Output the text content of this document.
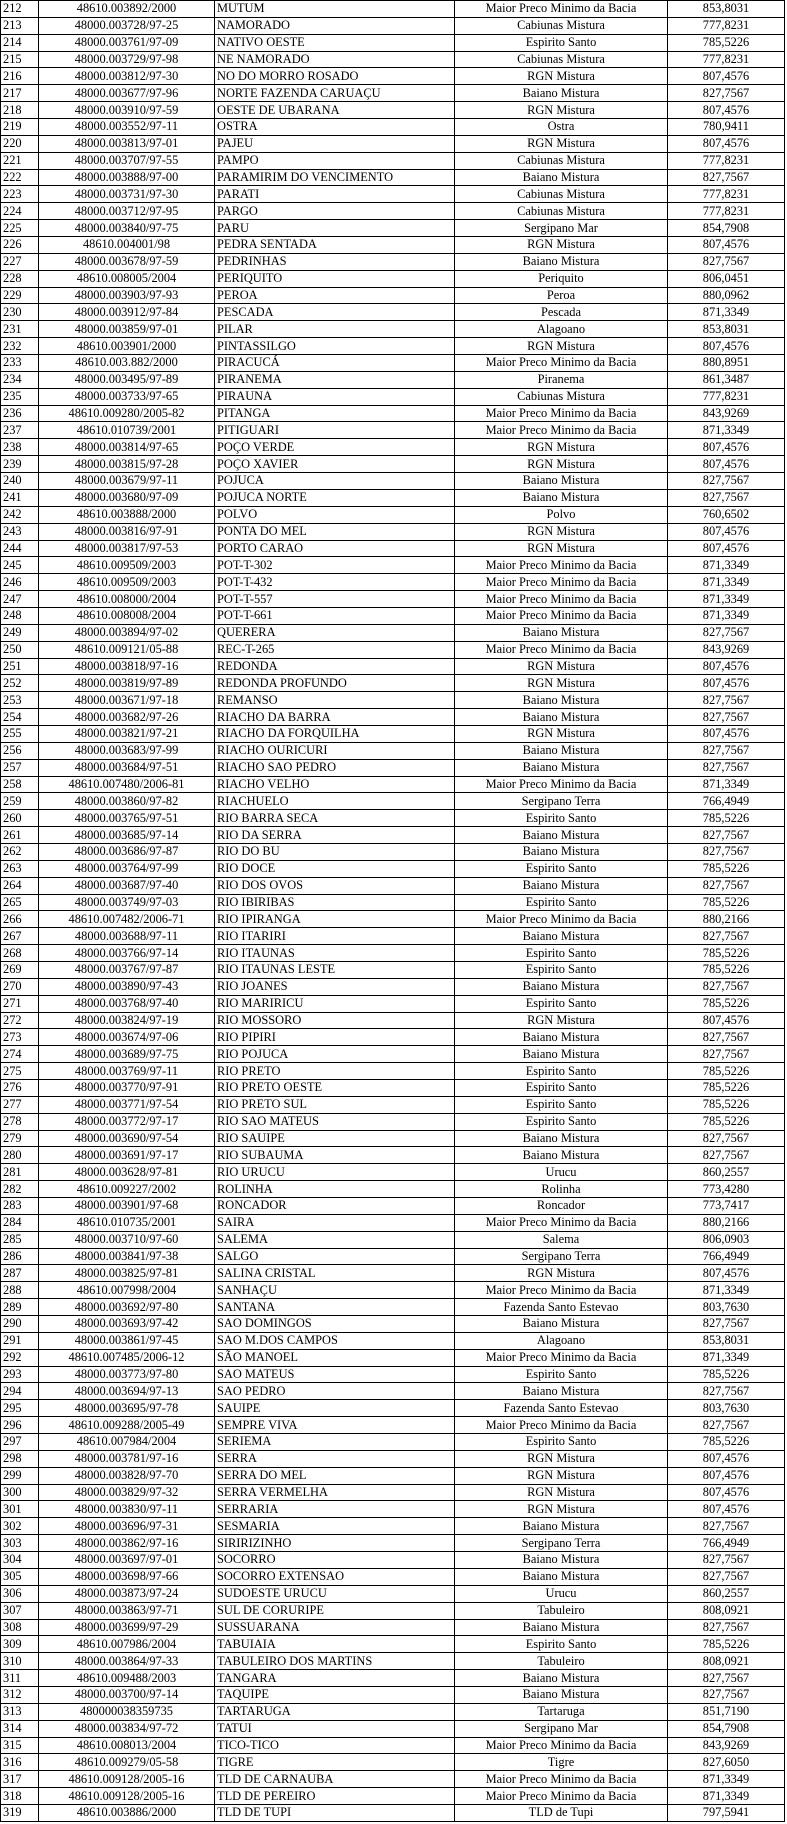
212	48610.003892/2000	MUTUM	Maior Preco Minimo da Bacia	853,8031
213	48000.003728/97-25	NAMORADO	Cabiunas Mistura	777,8231
214	48000.003761/97-09	NATIVO OESTE	Espirito Santo	785,5226
215	48000.003729/97-98	NE NAMORADO	Cabiunas Mistura	777,8231
216	48000.003812/97-30	NO DO MORRO ROSADO	RGN Mistura	807,4576
217	48000.003677/97-96	NORTE FAZENDA CARUAÇU	Baiano Mistura	827,7567
218	48000.003910/97-59	OESTE DE UBARANA	RGN Mistura	807,4576
219	48000.003552/97-11	OSTRA	Ostra	780,9411
220	48000.003813/97-01	PAJEU	RGN Mistura	807,4576
221	48000.003707/97-55	PAMPO	Cabiunas Mistura	777,8231
222	48000.003888/97-00	PARAMIRIM DO VENCIMENTO	Baiano Mistura	827,7567
223	48000.003731/97-30	PARATI	Cabiunas Mistura	777,8231
224	48000.003712/97-95	PARGO	Cabiunas Mistura	777,8231
225	48000.003840/97-75	PARU	Sergipano Mar	854,7908
226	48610.004001/98	PEDRA SENTADA	RGN Mistura	807,4576
227	48000.003678/97-59	PEDRINHAS	Baiano Mistura	827,7567
228	48610.008005/2004	PERIQUITO	Periquito	806,0451
229	48000.003903/97-93	PEROA	Peroa	880,0962
230	48000.003912/97-84	PESCADA	Pescada	871,3349
231	48000.003859/97-01	PILAR	Alagoano	853,8031
232	48610.003901/2000	PINTASSILGO	RGN Mistura	807,4576
233	48610.003.882/2000	PIRACUCÁ	Maior Preco Minimo da Bacia	880,8951
234	48000.003495/97-89	PIRANEMA	Piranema	861,3487
235	48000.003733/97-65	PIRAUNA	Cabiunas Mistura	777,8231
236	48610.009280/2005-82	PITANGA	Maior Preco Minimo da Bacia	843,9269
237	48610.010739/2001	PITIGUARI	Maior Preco Minimo da Bacia	871,3349
238	48000.003814/97-65	POÇO VERDE	RGN Mistura	807,4576
239	48000.003815/97-28	POÇO XAVIER	RGN Mistura	807,4576
240	48000.003679/97-11	POJUCA	Baiano Mistura	827,7567
241	48000.003680/97-09	POJUCA NORTE	Baiano Mistura	827,7567
242	48610.003888/2000	POLVO	Polvo	760,6502
243	48000.003816/97-91	PONTA DO MEL	RGN Mistura	807,4576
244	48000.003817/97-53	PORTO CARAO	RGN Mistura	807,4576
245	48610.009509/2003	POT-T-302	Maior Preco Minimo da Bacia	871,3349
246	48610.009509/2003	POT-T-432	Maior Preco Minimo da Bacia	871,3349
247	48610.008000/2004	POT-T-557	Maior Preco Minimo da Bacia	871,3349
248	48610.008008/2004	POT-T-661	Maior Preco Minimo da Bacia	871,3349
249	48000.003894/97-02	QUERERA	Baiano Mistura	827,7567
250	48610.009121/05-88	REC-T-265	Maior Preco Minimo da Bacia	843,9269
251	48000.003818/97-16	REDONDA	RGN Mistura	807,4576
252	48000.003819/97-89	REDONDA PROFUNDO	RGN Mistura	807,4576
253	48000.003671/97-18	REMANSO	Baiano Mistura	827,7567
254	48000.003682/97-26	RIACHO DA BARRA	Baiano Mistura	827,7567
255	48000.003821/97-21	RIACHO DA FORQUILHA	RGN Mistura	807,4576
256	48000.003683/97-99	RIACHO OURICURI	Baiano Mistura	827,7567
257	48000.003684/97-51	RIACHO SAO PEDRO	Baiano Mistura	827,7567
258	48610.007480/2006-81	RIACHO VELHO	Maior Preco Minimo da Bacia	871,3349
259	48000.003860/97-82	RIACHUELO	Sergipano Terra	766,4949
260	48000.003765/97-51	RIO BARRA SECA	Espirito Santo	785,5226
261	48000.003685/97-14	RIO DA SERRA	Baiano Mistura	827,7567
262	48000.003686/97-87	RIO DO BU	Baiano Mistura	827,7567
263	48000.003764/97-99	RIO DOCE	Espirito Santo	785,5226
264	48000.003687/97-40	RIO DOS OVOS	Baiano Mistura	827,7567
265	48000.003749/97-03	RIO IBIRIBAS	Espirito Santo	785,5226
266	48610.007482/2006-71	RIO IPIRANGA	Maior Preco Minimo da Bacia	880,2166
267	48000.003688/97-11	RIO ITARIRI	Baiano Mistura	827,7567
268	48000.003766/97-14	RIO ITAUNAS	Espirito Santo	785,5226
269	48000.003767/97-87	RIO ITAUNAS LESTE	Espirito Santo	785,5226
270	48000.003890/97-43	RIO JOANES	Baiano Mistura	827,7567
271	48000.003768/97-40	RIO MARIRICU	Espirito Santo	785,5226
272	48000.003824/97-19	RIO MOSSORO	RGN Mistura	807,4576
273	48000.003674/97-06	RIO PIPIRI	Baiano Mistura	827,7567
274	48000.003689/97-75	RIO POJUCA	Baiano Mistura	827,7567
275	48000.003769/97-11	RIO PRETO	Espirito Santo	785,5226
276	48000.003770/97-91	RIO PRETO OESTE	Espirito Santo	785,5226
277	48000.003771/97-54	RIO PRETO SUL	Espirito Santo	785,5226
278	48000.003772/97-17	RIO SAO MATEUS	Espirito Santo	785,5226
279	48000.003690/97-54	RIO SAUIPE	Baiano Mistura	827,7567
280	48000.003691/97-17	RIO SUBAUMA	Baiano Mistura	827,7567
281	48000.003628/97-81	RIO URUCU	Urucu	860,2557
282	48610.009227/2002	ROLINHA	Rolinha	773,4280
283	48000.003901/97-68	RONCADOR	Roncador	773,7417
284	48610.010735/2001	SAIRA	Maior Preco Minimo da Bacia	880,2166
285	48000.003710/97-60	SALEMA	Salema	806,0903
286	48000.003841/97-38	SALGO	Sergipano Terra	766,4949
287	48000.003825/97-81	SALINA CRISTAL	RGN Mistura	807,4576
288	48610.007998/2004	SANHAÇU	Maior Preco Minimo da Bacia	871,3349
289	48000.003692/97-80	SANTANA	Fazenda Santo Estevao	803,7630
290	48000.003693/97-42	SAO DOMINGOS	Baiano Mistura	827,7567
291	48000.003861/97-45	SAO M.DOS CAMPOS	Alagoano	853,8031
292	48610.007485/2006-12	SÃO MANOEL	Maior Preco Minimo da Bacia	871,3349
293	48000.003773/97-80	SAO MATEUS	Espirito Santo	785,5226
294	48000.003694/97-13	SAO PEDRO	Baiano Mistura	827,7567
295	48000.003695/97-78	SAUIPE	Fazenda Santo Estevao	803,7630
296	48610.009288/2005-49	SEMPRE VIVA	Maior Preco Minimo da Bacia	827,7567
297	48610.007984/2004	SERIEMA	Espirito Santo	785,5226
298	48000.003781/97-16	SERRA	RGN Mistura	807,4576
299	48000.003828/97-70	SERRA DO MEL	RGN Mistura	807,4576
300	48000.003829/97-32	SERRA VERMELHA	RGN Mistura	807,4576
301	48000.003830/97-11	SERRARIA	RGN Mistura	807,4576
302	48000.003696/97-31	SESMARIA	Baiano Mistura	827,7567
303	48000.003862/97-16	SIRIRIZINHO	Sergipano Terra	766,4949
304	48000.003697/97-01	SOCORRO	Baiano Mistura	827,7567
305	48000.003698/97-66	SOCORRO EXTENSAO	Baiano Mistura	827,7567
306	48000.003873/97-24	SUDOESTE URUCU	Urucu	860,2557
307	48000.003863/97-71	SUL DE CORURIPE	Tabuleiro	808,0921
308	48000.003699/97-29	SUSSUARANA	Baiano Mistura	827,7567
309	48610.007986/2004	TABUIAIA	Espirito Santo	785,5226
310	48000.003864/97-33	TABULEIRO DOS MARTINS	Tabuleiro	808,0921
311	48610.009488/2003	TANGARA	Baiano Mistura	827,7567
312	48000.003700/97-14	TAQUIPE	Baiano Mistura	827,7567
313	480000038359735	TARTARUGA	Tartaruga	851,7190
314	48000.003834/97-72	TATUI	Sergipano Mar	854,7908
315	48610.008013/2004	TICO-TICO	Maior Preco Minimo da Bacia	843,9269
316	48610.009279/05-58	TIGRE	Tigre	827,6050
317	48610.009128/2005-16	TLD DE CARNAUBA	Maior Preco Minimo da Bacia	871,3349
318	48610.009128/2005-16	TLD DE PEREIRO	Maior Preco Minimo da Bacia	871,3349
319	48610.003886/2000	TLD DE TUPI	TLD de Tupi	797,5941
